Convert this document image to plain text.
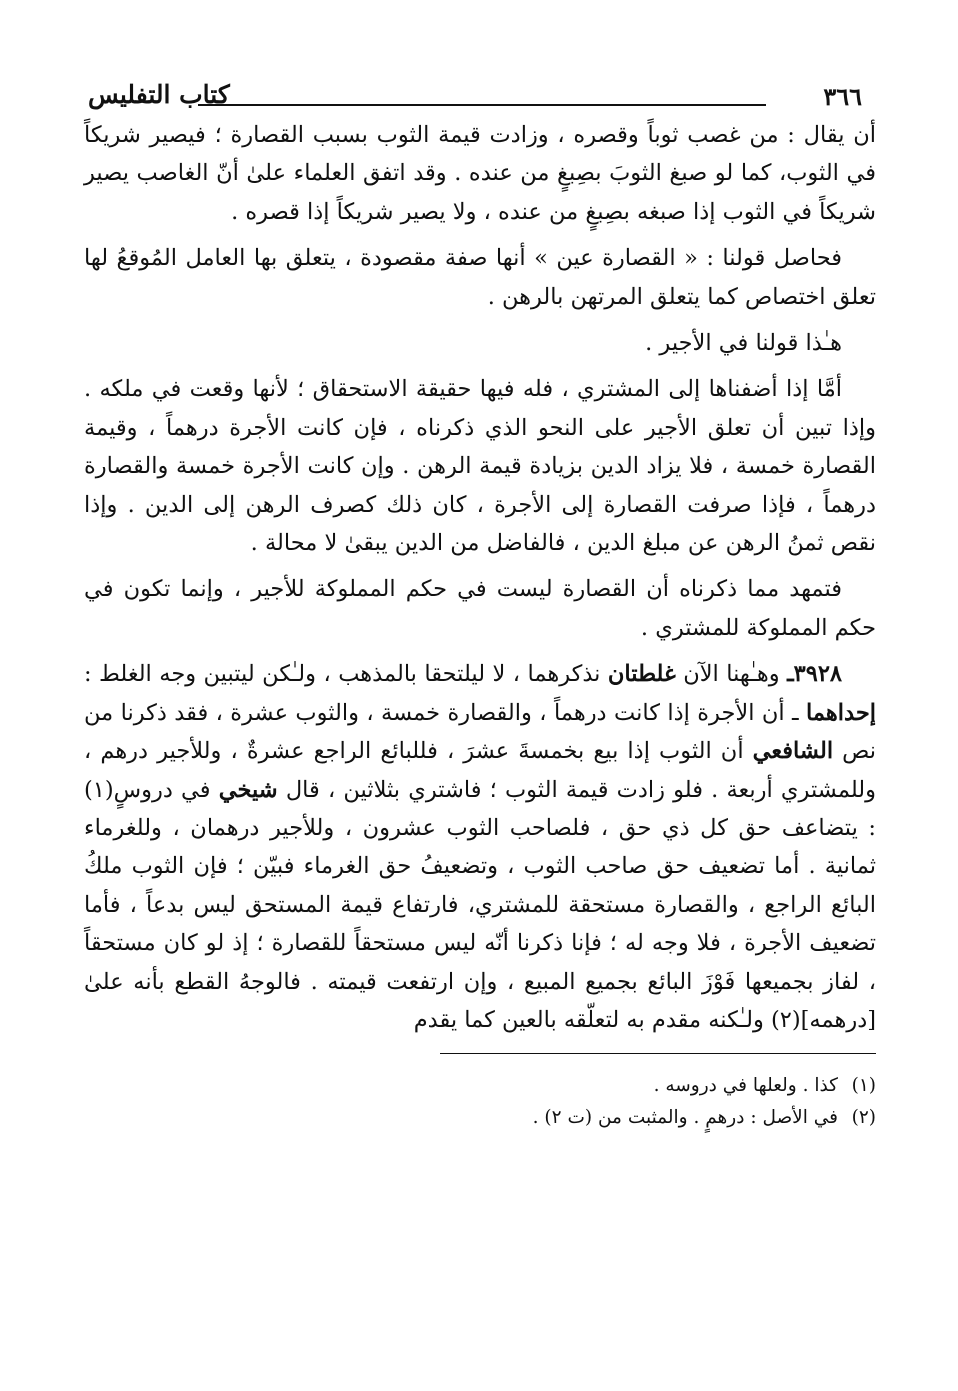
٣٦٦
كتاب التفليس

أن يقال : من غصب ثوباً وقصره ، وزادت قيمة الثوب بسبب القصارة ؛ فيصير شريكاً في الثوب، كما لو صبغ الثوبَ بصِبغٍ من عنده . وقد اتفق العلماء علىٰ أنّ الغاصب يصير شريكاً في الثوب إذا صبغه بصِبغٍ من عنده ، ولا يصير شريكاً إذا قصره .

فحاصل قولنا : « القصارة عين » أنها صفة مقصودة ، يتعلق بها العامل المُوقعُ لها تعلق اختصاص كما يتعلق المرتهن بالرهن .

هـٰذا قولنا في الأجير .

أمَّا إذا أضفناها إلى المشتري ، فله فيها حقيقة الاستحقاق ؛ لأنها وقعت في ملكه . وإذا تبين أن تعلق الأجير على النحو الذي ذكرناه ، فإن كانت الأجرة درهماً ، وقيمة القصارة خمسة ، فلا يزاد الدين بزيادة قيمة الرهن . وإن كانت الأجرة خمسة والقصارة درهماً ، فإذا صرفت القصارة إلى الأجرة ، كان ذلك كصرف الرهن إلى الدين . وإذا نقص ثمنُ الرهن عن مبلغ الدين ، فالفاضل من الدين يبقىٰ لا محالة .

فتمهد مما ذكرناه أن القصارة ليست في حكم المملوكة للأجير ، وإنما تكون في حكم المملوكة للمشتري .

٣٩٢٨ـ وهـٰهنا الآن غلطتان نذكرهما ، لا ليلتحقا بالمذهب ، ولـٰكن ليتبين وجه الغلط : إحداهما ـ أن الأجرة إذا كانت درهماً ، والقصارة خمسة ، والثوب عشرة ، فقد ذكرنا من نص الشافعي أن الثوب إذا بيع بخمسةَ عشرَ ، فللبائع الراجع عشرةٌ ، وللأجير درهم ، وللمشتري أربعة . فلو زادت قيمة الثوب ؛ فاشتري بثلاثين ، قال شيخي في دروسٍ(١) : يتضاعف حق كل ذي حق ، فلصاحب الثوب عشرون ، وللأجير درهمان ، وللغرماء ثمانية . أما تضعيف حق صاحب الثوب ، وتضعيفُ حق الغرماء فبيّن ؛ فإن الثوب ملكُ البائع الراجع ، والقصارة مستحقة للمشتري، فارتفاع قيمة المستحق ليس بدعاً ، فأما تضعيف الأجرة ، فلا وجه له ؛ فإنا ذكرنا أنّه ليس مستحقاً للقصارة ؛ إذ لو كان مستحقاً ، لفاز بجميعها فَوْزَ البائع بجميع المبيع ، وإن ارتفعت قيمته . فالوجهُ القطع بأنه علىٰ [درهمه](٢) ولـٰكنه مقدم به لتعلّقه بالعين كما يقدم

(١)
كذا . ولعلها في دروسه .
(٢)
في الأصل : درهمٍ . والمثبت من (ت ٢) .
